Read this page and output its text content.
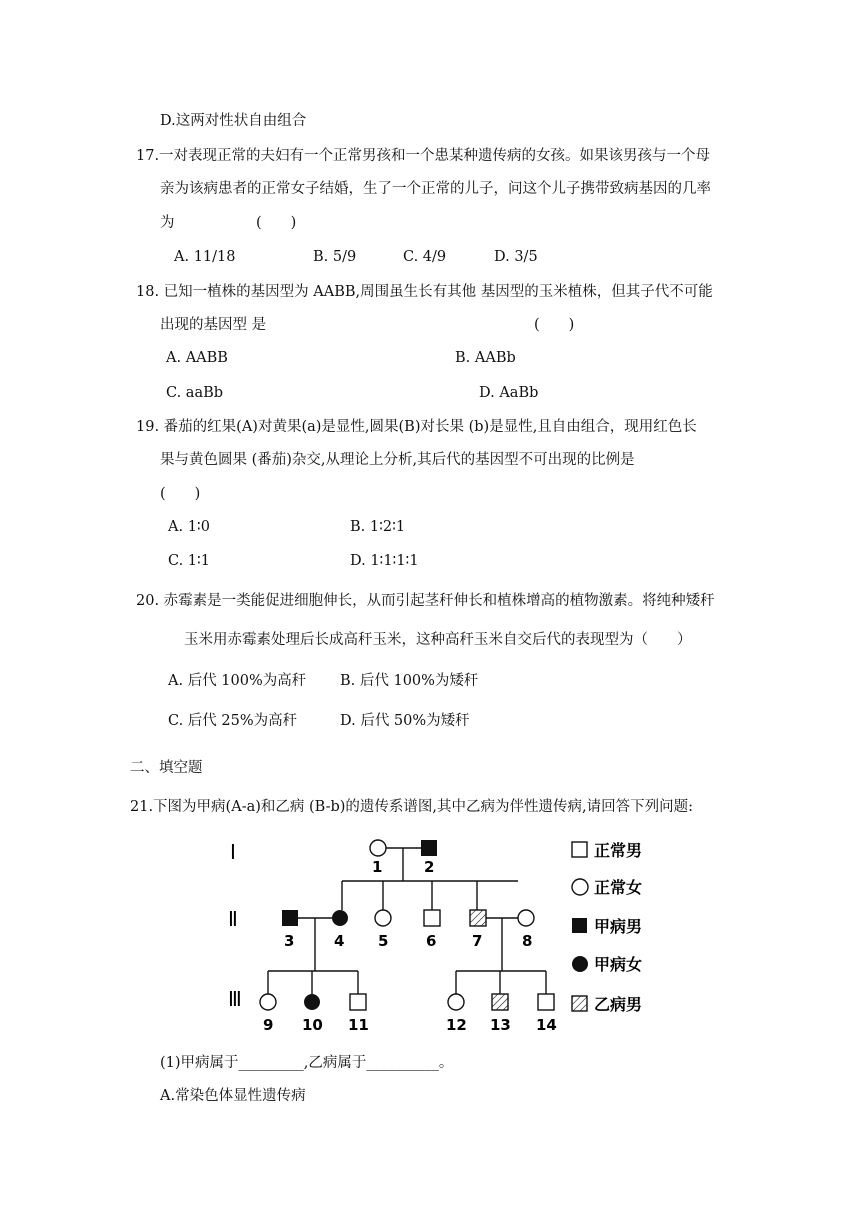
D.这两对性状自由组合
17.一对表现正常的夫妇有一个正常男孩和一个患某种遗传病的女孩。如果该男孩与一个母
亲为该病患者的正常女子结婚，生了一个正常的儿子，问这个儿子携带致病基因的几率
为	(　　)
A. 11/18	B. 5/9	C. 4/9	D. 3/5
18. 已知一植株的基因型为 AABB,周围虽生长有其他 基因型的玉米植株，但其子代不可能
出现的基因型 是	(　　)
A. AABB	B. AABb
C. aaBb	D. AaBb
19. 番茄的红果(A)对黄果(a)是显性,圆果(B)对长果 (b)是显性,且自由组合，现用红色长
果与黄色圆果 (番茄)杂交,从理论上分析,其后代的基因型不可出现的比例是
(　　)
A. 1∶0	B. 1∶2∶1
C. 1∶1	D. 1∶1∶1∶1
20. 赤霉素是一类能促进细胞伸长，从而引起茎秆伸长和植株增高的植物激素。将纯种矮秆
玉米用赤霉素处理后长成高秆玉米，这种高秆玉米自交后代的表现型为（　　）
A. 后代 100%为高秆 B. 后代 100%为矮秆
C. 后代 25%为高秆	D. 后代 50%为矮秆
二、填空题
21.下图为甲病(A-a)和乙病 (B-b)的遗传系谱图,其中乙病为伴性遗传病,请回答下列问题:
Ⅰ
Ⅱ
Ⅲ
1	2
3	4 5	6 7	8
9 10 11	12 13 14
正常男
正常女
甲病男
甲病女
乙病男
(1)甲病属于_________,乙病属于__________。
A.常染色体显性遗传病
